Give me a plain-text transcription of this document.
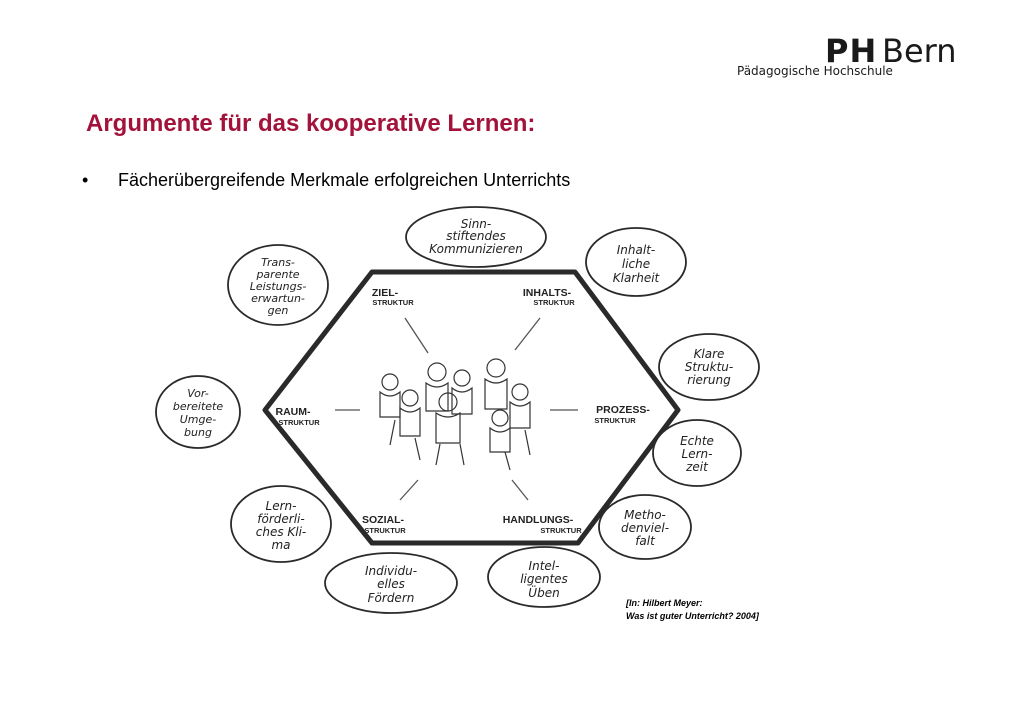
PH Bern
Pädagogische Hochschule
Argumente für das kooperative Lernen:
• Fächerübergreifende Merkmale erfolgreichen Unterrichts
ZIEL-
STRUKTUR
INHALTS-
STRUKTUR
PROZESS-
STRUKTUR
HANDLUNGS-
STRUKTUR
SOZIAL-
STRUKTUR
RAUM-
STRUKTUR
Sinn-
stiftendes
Kommunizieren	Inhalt-
liche
Klarheit
Klare
Struktu-
rierung
Echte
Lern-
zeit
Metho-
denviel-
falt
Intel-
ligentes
Üben
Individu-
elles
Fördern
Lern-
förderli-
ches Kli-
ma
Vor-
bereitete
Umge-
bung
Trans-
parente
Leistungs-
erwartun-
gen
[In: Hilbert Meyer:
Was ist guter Unterricht? 2004]
